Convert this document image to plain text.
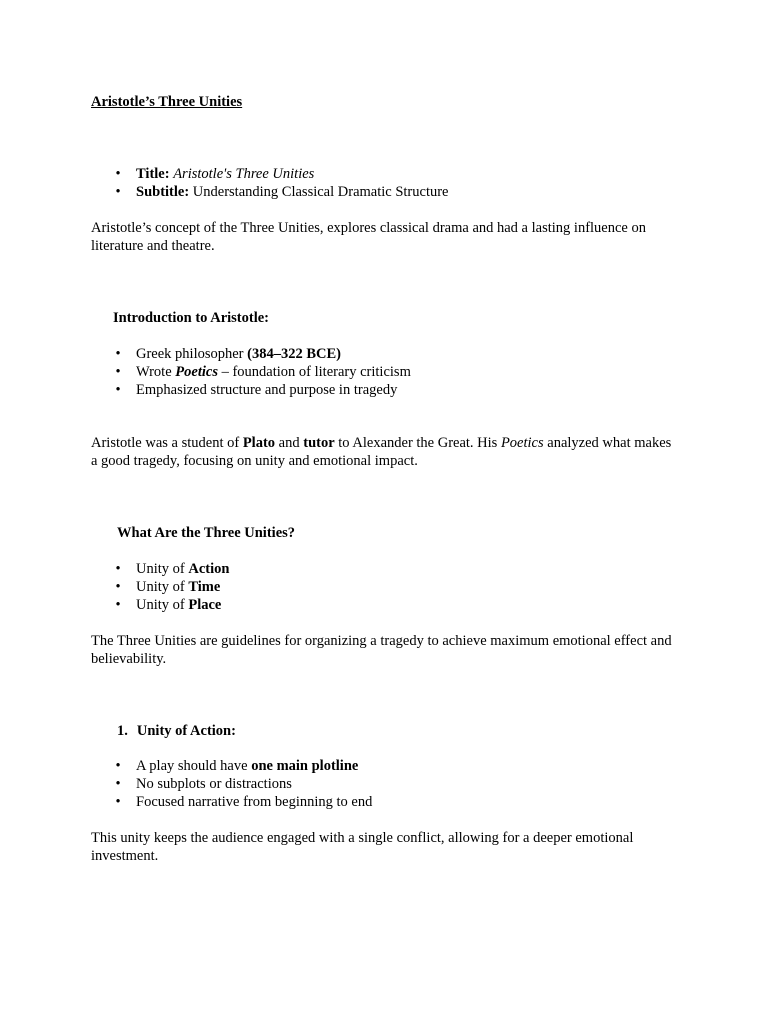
Aristotle’s Three Unities
• Title: Aristotle's Three Unities
• Subtitle: Understanding Classical Dramatic Structure
Aristotle’s concept of the Three Unities, explores classical drama and had a lasting influence on literature and theatre.
Introduction to Aristotle:
• Greek philosopher (384–322 BCE)
• Wrote Poetics – foundation of literary criticism
• Emphasized structure and purpose in tragedy
Aristotle was a student of Plato and tutor to Alexander the Great. His Poetics analyzed what makes a good tragedy, focusing on unity and emotional impact.
What Are the Three Unities?
• Unity of Action
• Unity of Time
• Unity of Place
The Three Unities are guidelines for organizing a tragedy to achieve maximum emotional effect and believability.
1. Unity of Action:
• A play should have one main plotline
• No subplots or distractions
• Focused narrative from beginning to end
This unity keeps the audience engaged with a single conflict, allowing for a deeper emotional investment.
